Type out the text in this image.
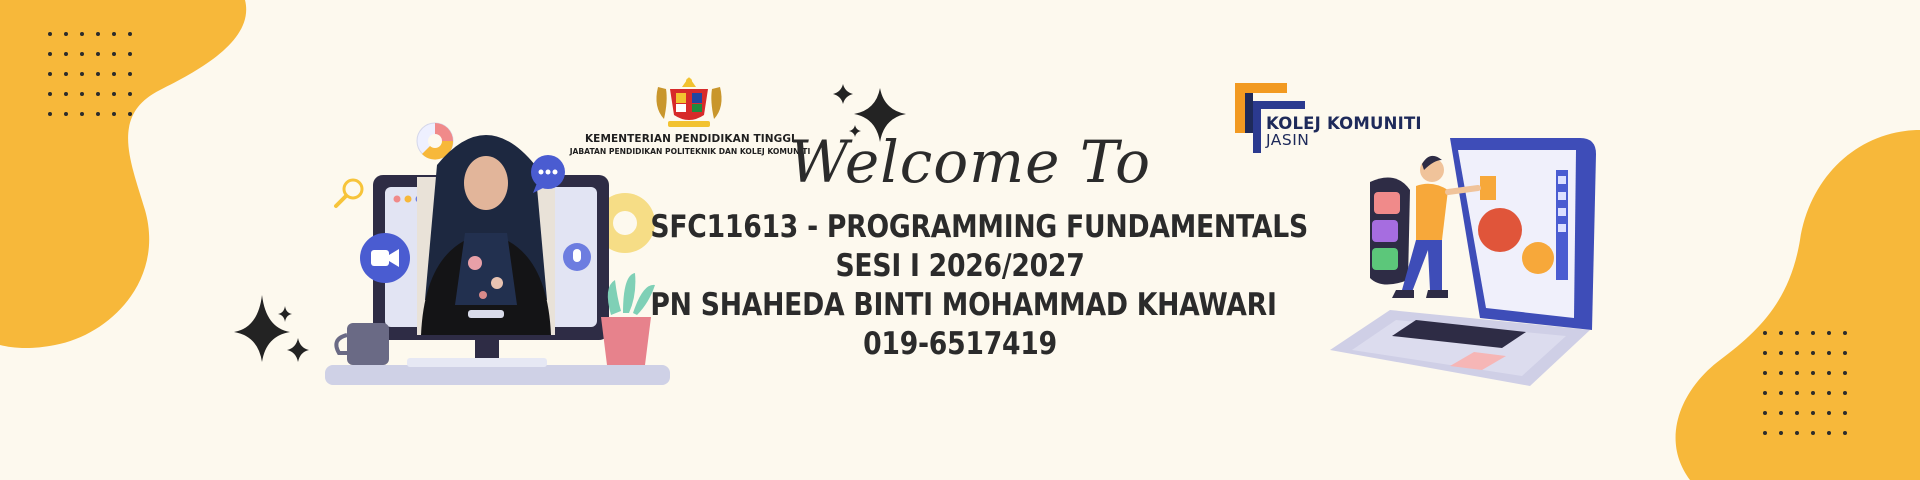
KEMENTERIAN PENDIDIKAN TINGGI
JABATAN PENDIDIKAN POLITEKNIK DAN KOLEJ KOMUNITI
KOLEJ KOMUNITI
JASIN
Welcome To
SFC11613 - PROGRAMMING FUNDAMENTALS
SESI I 2026/2027
PN SHAHEDA BINTI MOHAMMAD KHAWARI
019-6517419
